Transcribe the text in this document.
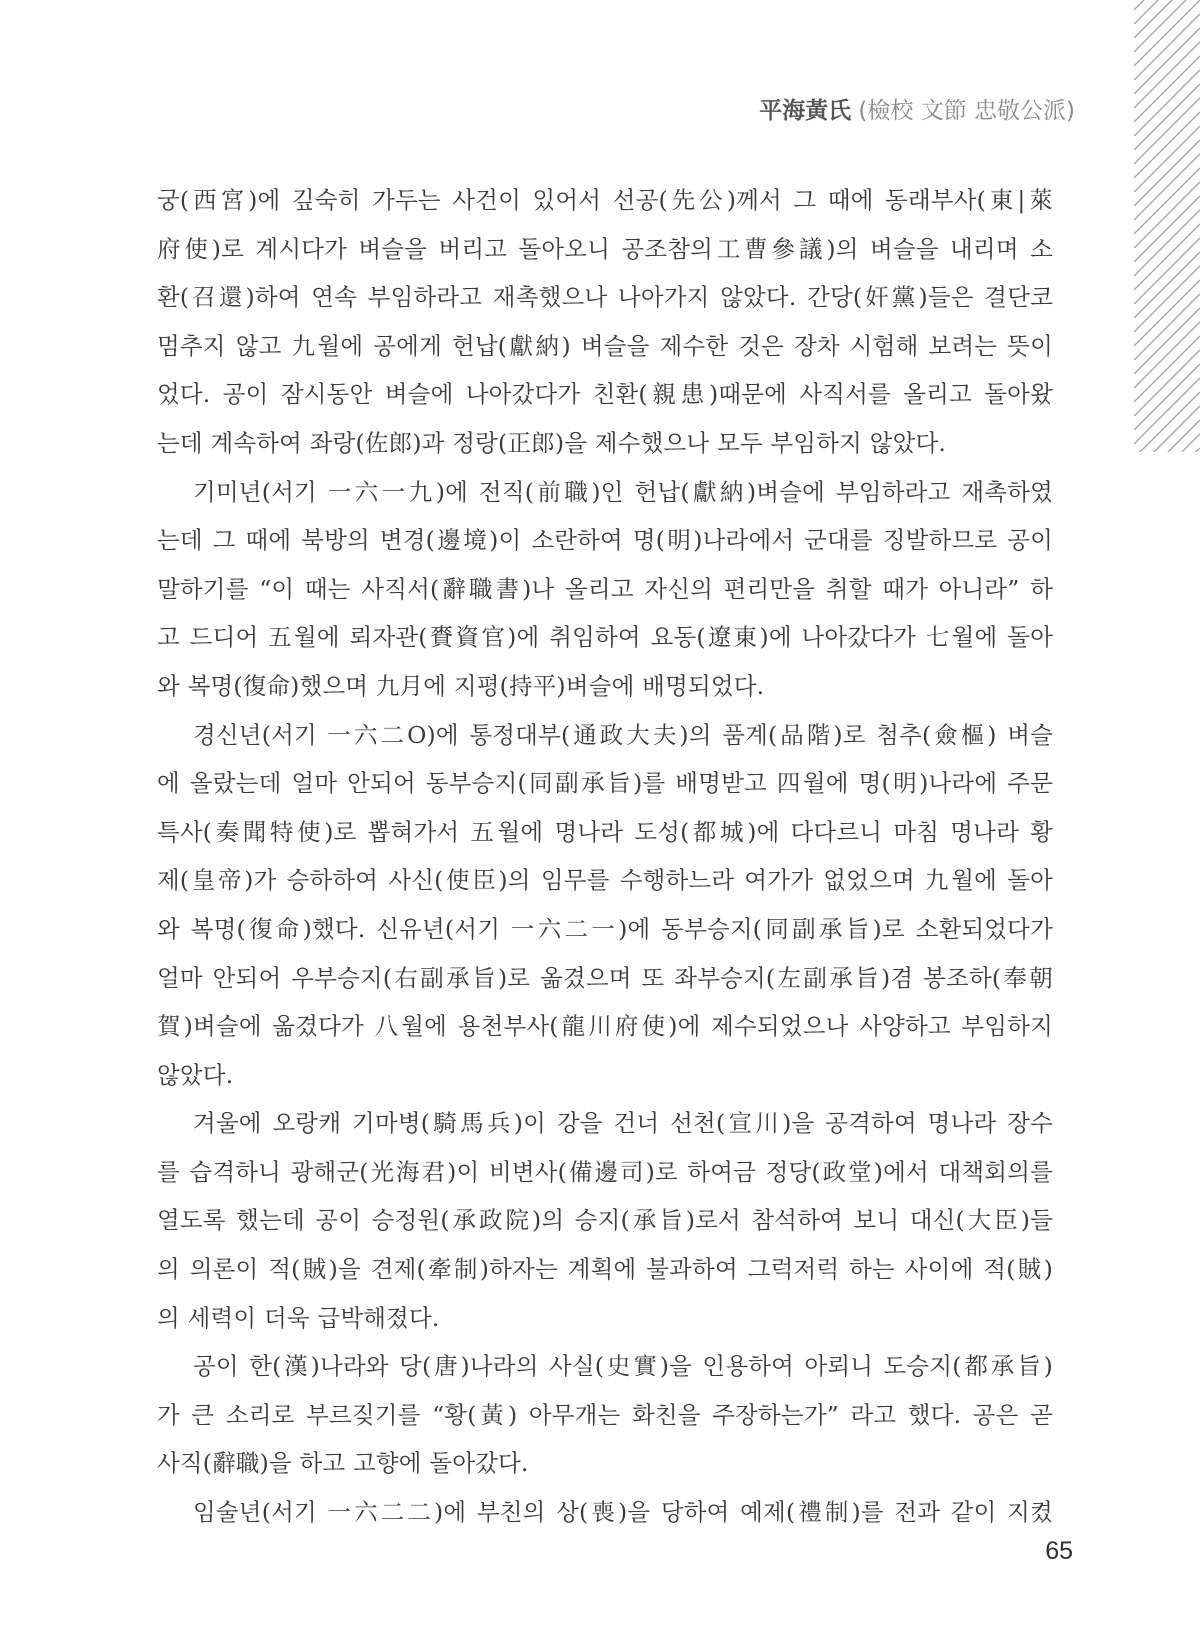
平海黃氏 (檢校 文節 忠敬公派)
궁(西宮)에 깊숙히 가두는 사건이 있어서 선공(先公)께서 그 때에 동래부사(東|萊
府使)로 계시다가 벼슬을 버리고 돌아오니 공조참의工曹參議)의 벼슬을 내리며 소
환(召還)하여 연속 부임하라고 재촉했으나 나아가지 않았다. 간당(奸黨)들은 결단코
멈추지 않고 九월에 공에게 헌납(獻納) 벼슬을 제수한 것은 장차 시험해 보려는 뜻이
었다. 공이 잠시동안 벼슬에 나아갔다가 친환(親患)때문에 사직서를 올리고 돌아왔
는데 계속하여 좌랑(佐郎)과 정랑(正郎)을 제수했으나 모두 부임하지 않았다.
기미년(서기 一六一九)에 전직(前職)인 헌납(獻納)벼슬에 부임하라고 재촉하였
는데 그 때에 북방의 변경(邊境)이 소란하여 명(明)나라에서 군대를 징발하므로 공이
말하기를 “이 때는 사직서(辭職書)나 올리고 자신의 편리만을 취할 때가 아니라” 하
고 드디어 五월에 뢰자관(賚資官)에 취임하여 요동(遼東)에 나아갔다가 七월에 돌아
와 복명(復命)했으며 九月에 지평(持平)벼슬에 배명되었다.
경신년(서기 一六二O)에 통정대부(通政大夫)의 품계(品階)로 첨추(僉樞) 벼슬
에 올랐는데 얼마 안되어 동부승지(同副承旨)를 배명받고 四월에 명(明)나라에 주문
특사(奏聞特使)로 뽑혀가서 五월에 명나라 도성(都城)에 다다르니 마침 명나라 황
제(皇帝)가 승하하여 사신(使臣)의 임무를 수행하느라 여가가 없었으며 九월에 돌아
와 복명(復命)했다. 신유년(서기 一六二一)에 동부승지(同副承旨)로 소환되었다가
얼마 안되어 우부승지(右副承旨)로 옮겼으며 또 좌부승지(左副承旨)겸 봉조하(奉朝
賀)벼슬에 옮겼다가 八월에 용천부사(龍川府使)에 제수되었으나 사양하고 부임하지
않았다.
겨울에 오랑캐 기마병(騎馬兵)이 강을 건너 선천(宣川)을 공격하여 명나라 장수
를 습격하니 광해군(光海君)이 비변사(備邊司)로 하여금 정당(政堂)에서 대책회의를
열도록 했는데 공이 승정원(承政院)의 승지(承旨)로서 참석하여 보니 대신(大臣)들
의 의론이 적(賊)을 견제(牽制)하자는 계획에 불과하여 그럭저럭 하는 사이에 적(賊)
의 세력이 더욱 급박해졌다.
공이 한(漢)나라와 당(唐)나라의 사실(史實)을 인용하여 아뢰니 도승지(都承旨)
가 큰 소리로 부르짖기를 “황(黃) 아무개는 화친을 주장하는가” 라고 했다. 공은 곧
사직(辭職)을 하고 고향에 돌아갔다.
임술년(서기 一六二二)에 부친의 상(喪)을 당하여 예제(禮制)를 전과 같이 지켰
65
